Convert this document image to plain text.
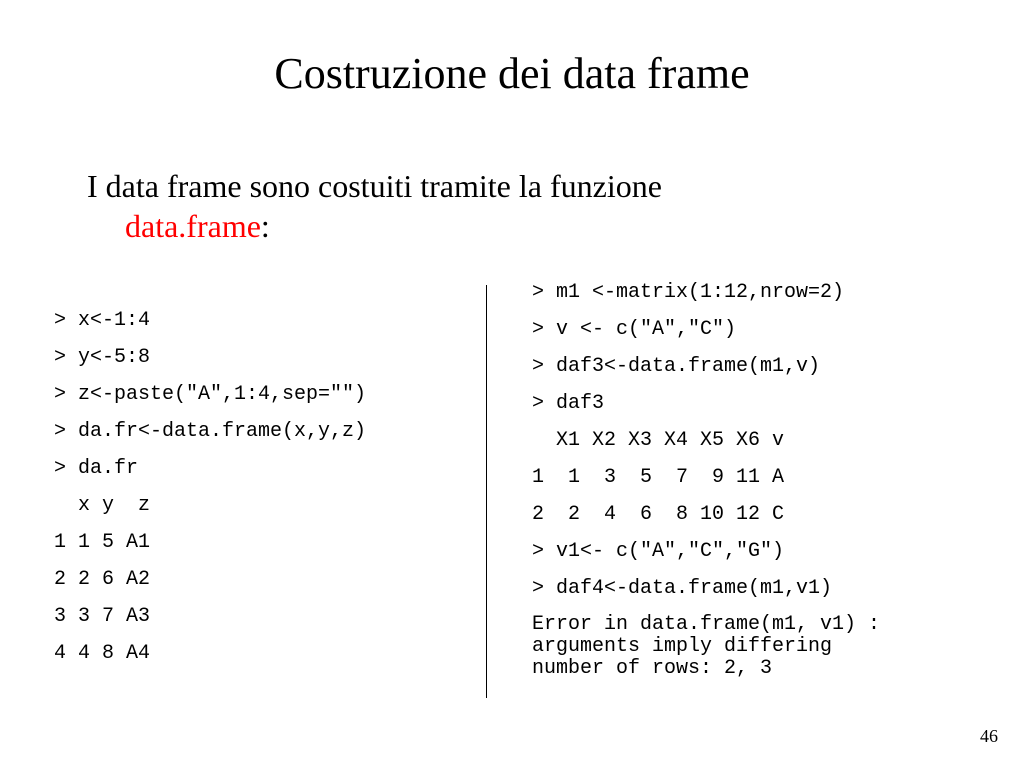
Costruzione dei data frame
I data frame sono costuiti tramite la funzione
data.frame:
> x<-1:4
> y<-5:8
> z<-paste("A",1:4,sep="")
> da.fr<-data.frame(x,y,z)
> da.fr
x y  z
1 1 5 A1
2 2 6 A2
3 3 7 A3
4 4 8 A4
> m1 <-matrix(1:12,nrow=2)
> v <- c("A","C")
> daf3<-data.frame(m1,v)
> daf3
X1 X2 X3 X4 X5 X6 v
1  1  3  5  7  9 11 A
2  2  4  6  8 10 12 C
> v1<- c("A","C","G")
> daf4<-data.frame(m1,v1)
Error in data.frame(m1, v1) :
arguments imply differing
number of rows: 2, 3
46
